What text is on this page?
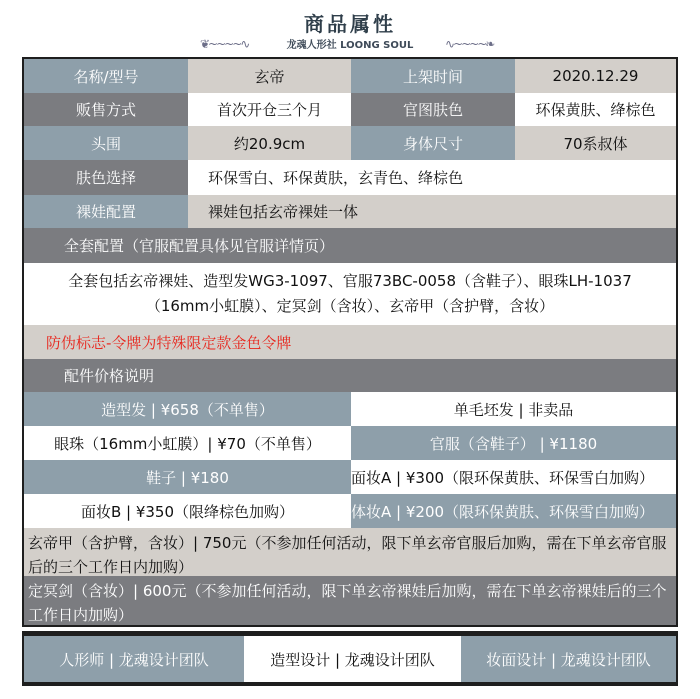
商品属性
❦~~~~∿	龙魂人形社 LOONG SOUL	∿~~~~❧
名称/型号	玄帝	上架时间	2020.12.29
贩售方式	首次开仓三个月	官图肤色	环保黄肤、绛棕色
头围	约20.9cm	身体尺寸	70系叔体
肤色选择	环保雪白、环保黄肤，玄青色、绛棕色
裸娃配置	裸娃包括玄帝裸娃一体
全套配置（官服配置具体见官服详情页）
全套包括玄帝裸娃、造型发WG3-1097、官服73BC-0058（含鞋子）、眼珠LH-1037（16mm小虹膜）、定冥剑（含妆）、玄帝甲（含护臂，含妆）
防伪标志-令牌为特殊限定款金色令牌
配件价格说明
造型发 | ¥658（不单售）	单毛坯发 | 非卖品
眼珠（16mm小虹膜）| ¥70（不单售）	官服（含鞋子） | ¥1180
鞋子 | ¥180	面妆A | ¥300（限环保黄肤、环保雪白加购）
面妆B | ¥350（限绛棕色加购）	体妆A | ¥200（限环保黄肤、环保雪白加购）
玄帝甲（含护臂，含妆）| 750元（不参加任何活动，限下单玄帝官服后加购，需在下单玄帝官服后的三个工作日内加购）
定冥剑（含妆）| 600元（不参加任何活动，限下单玄帝裸娃后加购，需在下单玄帝裸娃后的三个工作日内加购）
人形师 | 龙魂设计团队	造型设计 | 龙魂设计团队	妆面设计 | 龙魂设计团队
